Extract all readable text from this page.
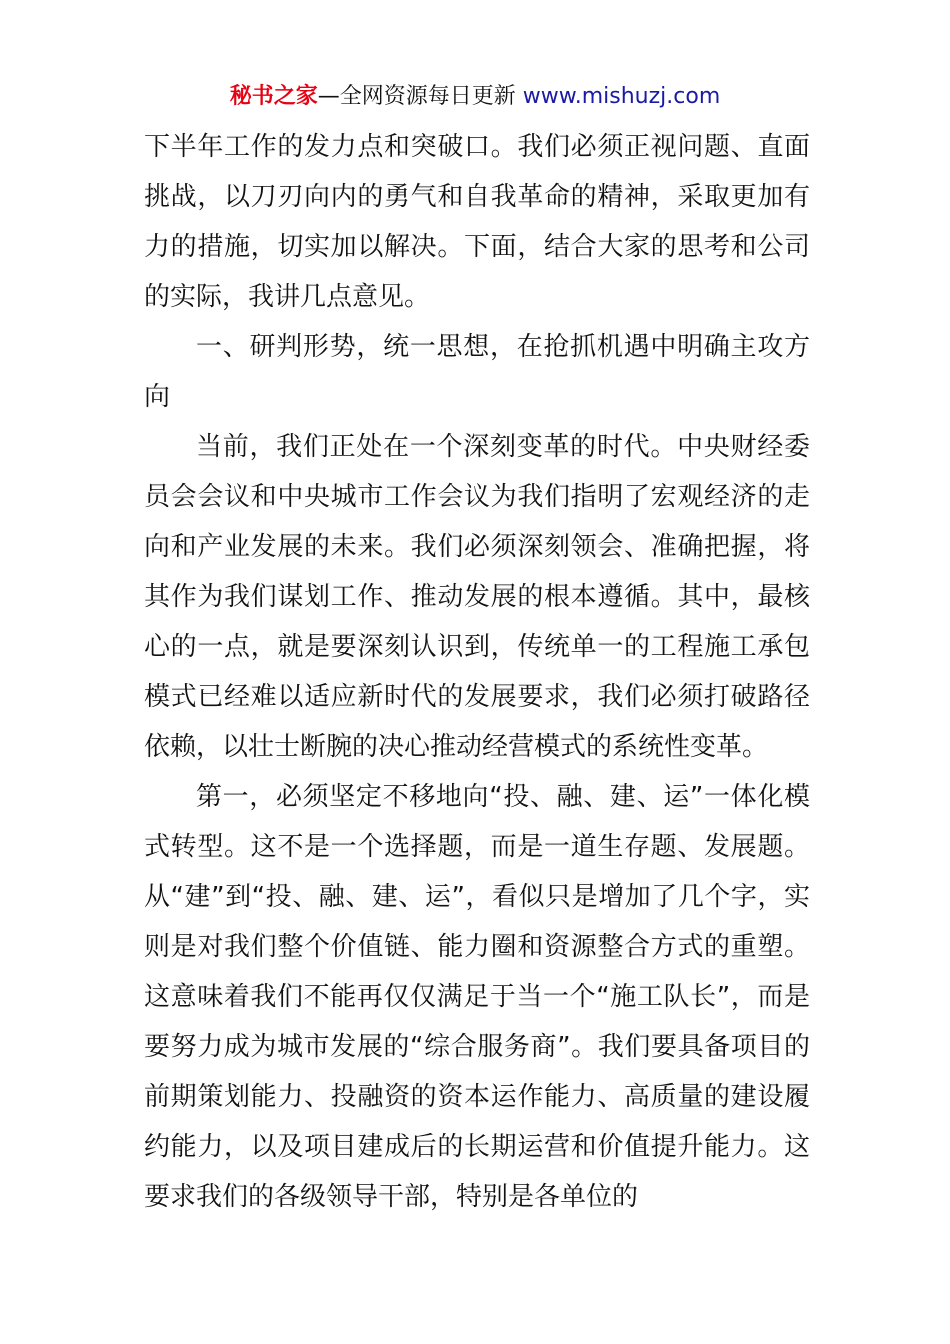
秘书之家—全网资源每日更新 www.mishuzj.com

下半年工作的发力点和突破口。我们必须正视问题、直面挑战，以刀刃向内的勇气和自我革命的精神，采取更加有力的措施，切实加以解决。下面，结合大家的思考和公司的实际，我讲几点意见。

一、研判形势，统一思想，在抢抓机遇中明确主攻方向

当前，我们正处在一个深刻变革的时代。中央财经委员会会议和中央城市工作会议为我们指明了宏观经济的走向和产业发展的未来。我们必须深刻领会、准确把握，将其作为我们谋划工作、推动发展的根本遵循。其中，最核心的一点，就是要深刻认识到，传统单一的工程施工承包模式已经难以适应新时代的发展要求，我们必须打破路径依赖，以壮士断腕的决心推动经营模式的系统性变革。

第一，必须坚定不移地向“投、融、建、运”一体化模式转型。这不是一个选择题，而是一道生存题、发展题。从“建”到“投、融、建、运”，看似只是增加了几个字，实则是对我们整个价值链、能力圈和资源整合方式的重塑。这意味着我们不能再仅仅满足于当一个“施工队长”，而是要努力成为城市发展的“综合服务商”。我们要具备项目的前期策划能力、投融资的资本运作能力、高质量的建设履约能力，以及项目建成后的长期运营和价值提升能力。这要求我们的各级领导干部，特别是各单位的
